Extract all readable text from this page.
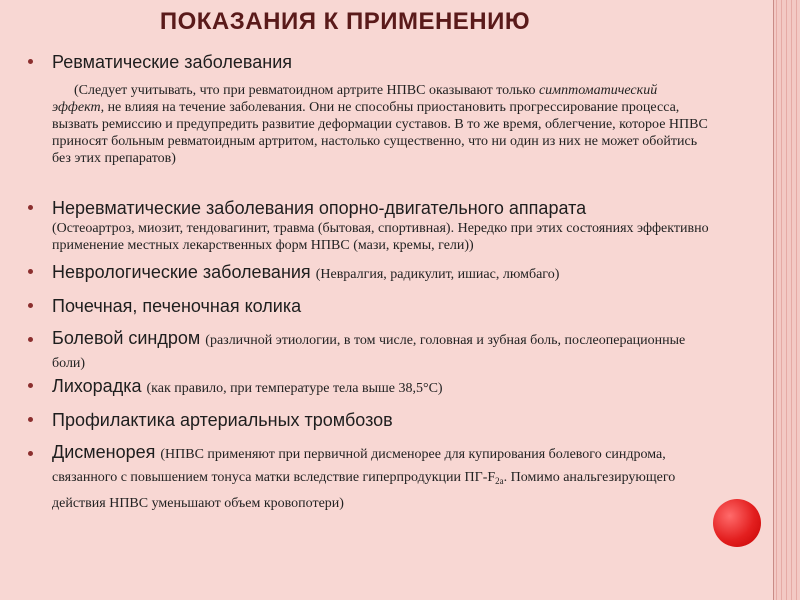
ПОКАЗАНИЯ К ПРИМЕНЕНИЮ
Ревматические заболевания
(Следует учитывать, что при ревматоидном артрите НПВС оказывают только симптоматический эффект, не влияя на течение заболевания. Они не способны приостановить прогрессирование процесса, вызвать ремиссию и предупредить развитие деформации суставов. В то же время, облегчение, которое НПВС приносят больным ревматоидным артритом, настолько существенно, что ни один из них не может обойтись без этих препаратов)
Неревматические заболевания опорно-двигательного аппарата
(Остеоартроз, миозит, тендовагинит, травма (бытовая, спортивная). Нередко при этих состояниях эффективно применение местных лекарственных форм НПВС (мази, кремы, гели))
Неврологические заболевания (Невралгия, радикулит, ишиас, люмбаго)
Почечная, печеночная колика
Болевой синдром (различной этиологии, в том числе, головная и зубная боль, послеоперационные боли)
Лихорадка (как правило, при температуре тела выше 38,5°С)
Профилактика артериальных тромбозов
Дисменорея (НПВС применяют при первичной дисменорее для купирования болевого синдрома, связанного с повышением тонуса матки вследствие гиперпродукции $ПГ-F_{2a}$. Помимо анальгезирующего действия НПВС уменьшают объем кровопотери)
